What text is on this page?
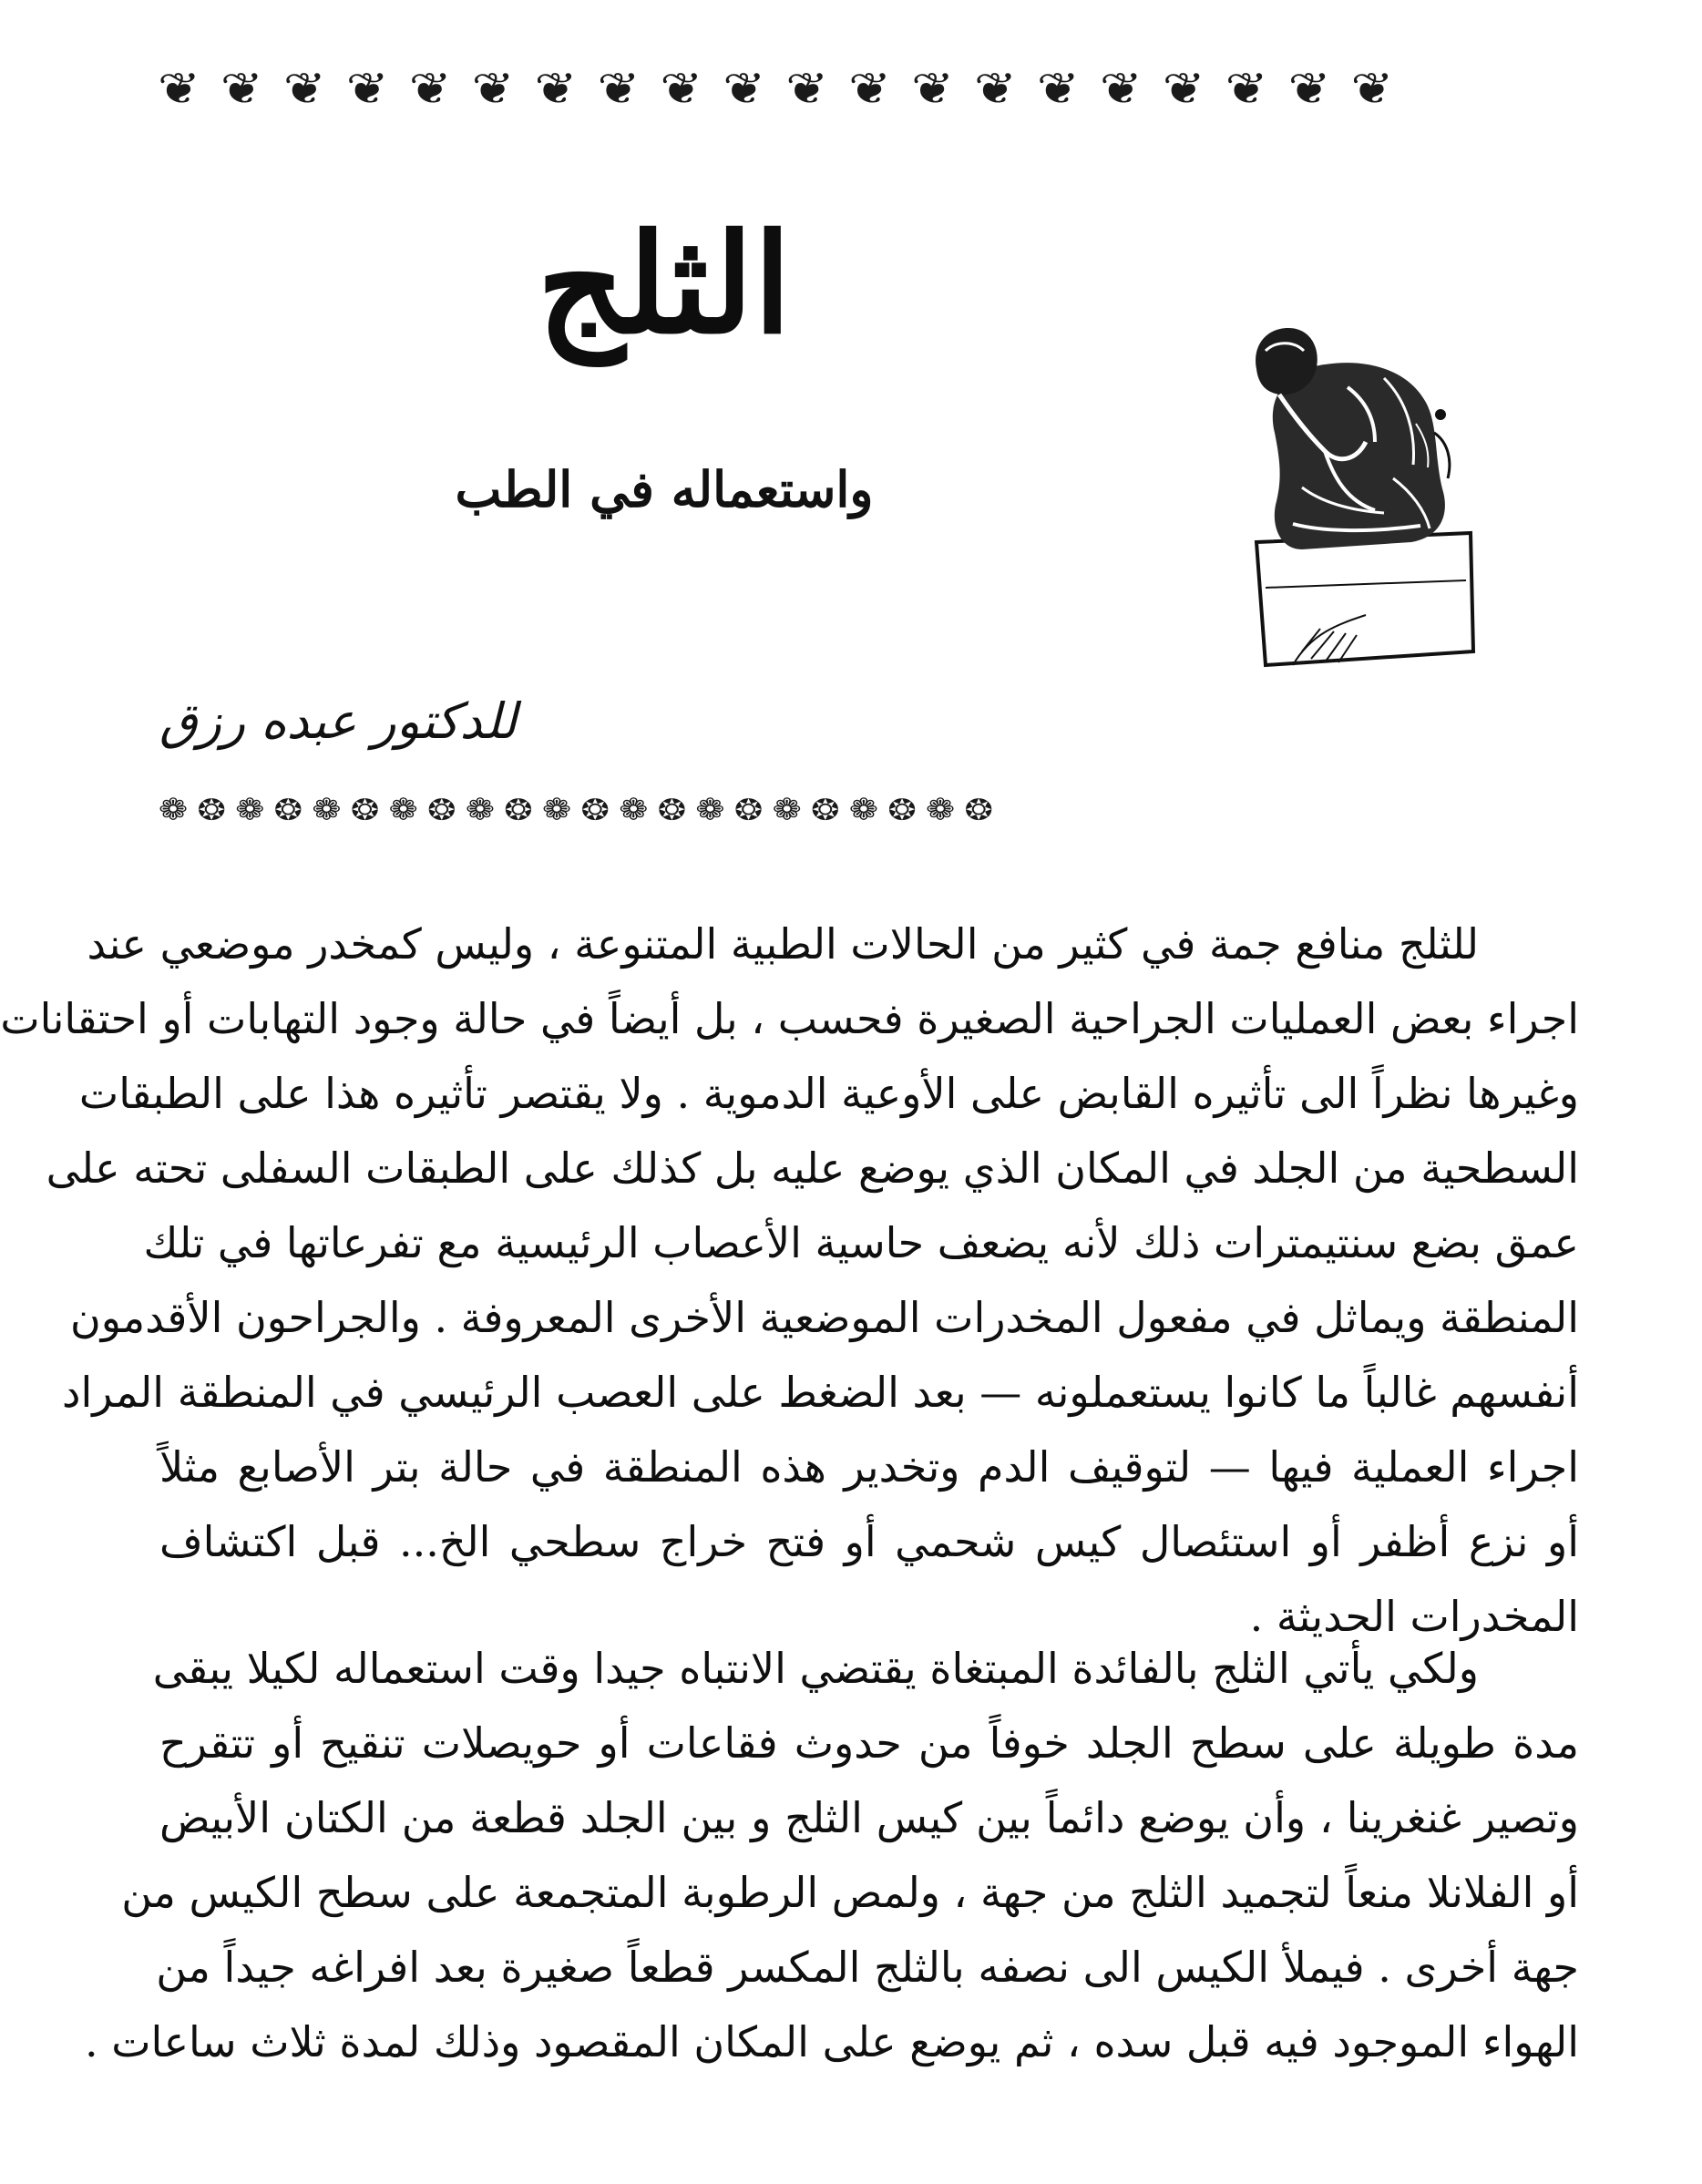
❦❦❦❦❦❦❦❦❦❦❦❦❦❦❦❦❦❦❦❦
الثلج
واستعماله في الطب
للدكتور عبده رزق
❁❂❁❂❁❂❁❂❁❂❁❂❁❂❁❂❁❂❁❂❁❂
للثلج منافع جمة في كثير من الحالات الطبية المتنوعة ، وليس كمخدر موضعي عند
اجراء بعض العمليات الجراحية الصغيرة فحسب ، بل أيضاً في حالة وجود التهابات أو احتقانات
وغيرها نظراً الى تأثيره القابض على الأوعية الدموية . ولا يقتصر تأثيره هذا على الطبقات
السطحية من الجلد في المكان الذي يوضع عليه بل كذلك على الطبقات السفلى تحته على
عمق بضع سنتيمترات ذلك لأنه يضعف حاسية الأعصاب الرئيسية مع تفرعاتها في تلك
المنطقة ويماثل في مفعول المخدرات الموضعية الأخرى المعروفة . والجراحون الأقدمون
أنفسهم غالباً ما كانوا يستعملونه — بعد الضغط على العصب الرئيسي في المنطقة المراد
اجراء العملية فيها — لتوقيف الدم وتخدير هذه المنطقة في حالة بتر الأصابع مثلاً
أو نزع أظفر أو استئصال كيس شحمي أو فتح خراج سطحي الخ... قبل اكتشاف
المخدرات الحديثة .
ولكي يأتي الثلج بالفائدة المبتغاة يقتضي الانتباه جيدا وقت استعماله لكيلا يبقى
مدة طويلة على سطح الجلد خوفاً من حدوث فقاعات أو حويصلات تنقيح أو تتقرح
وتصير غنغرينا ، وأن يوضع دائماً بين كيس الثلج و بين الجلد قطعة من الكتان الأبيض
أو الفلانلا منعاً لتجميد الثلج من جهة ، ولمص الرطوبة المتجمعة على سطح الكيس من
جهة أخرى . فيملأ الكيس الى نصفه بالثلج المكسر قطعاً صغيرة بعد افراغه جيداً من
الهواء الموجود فيه قبل سده ، ثم يوضع على المكان المقصود وذلك لمدة ثلاث ساعات .
